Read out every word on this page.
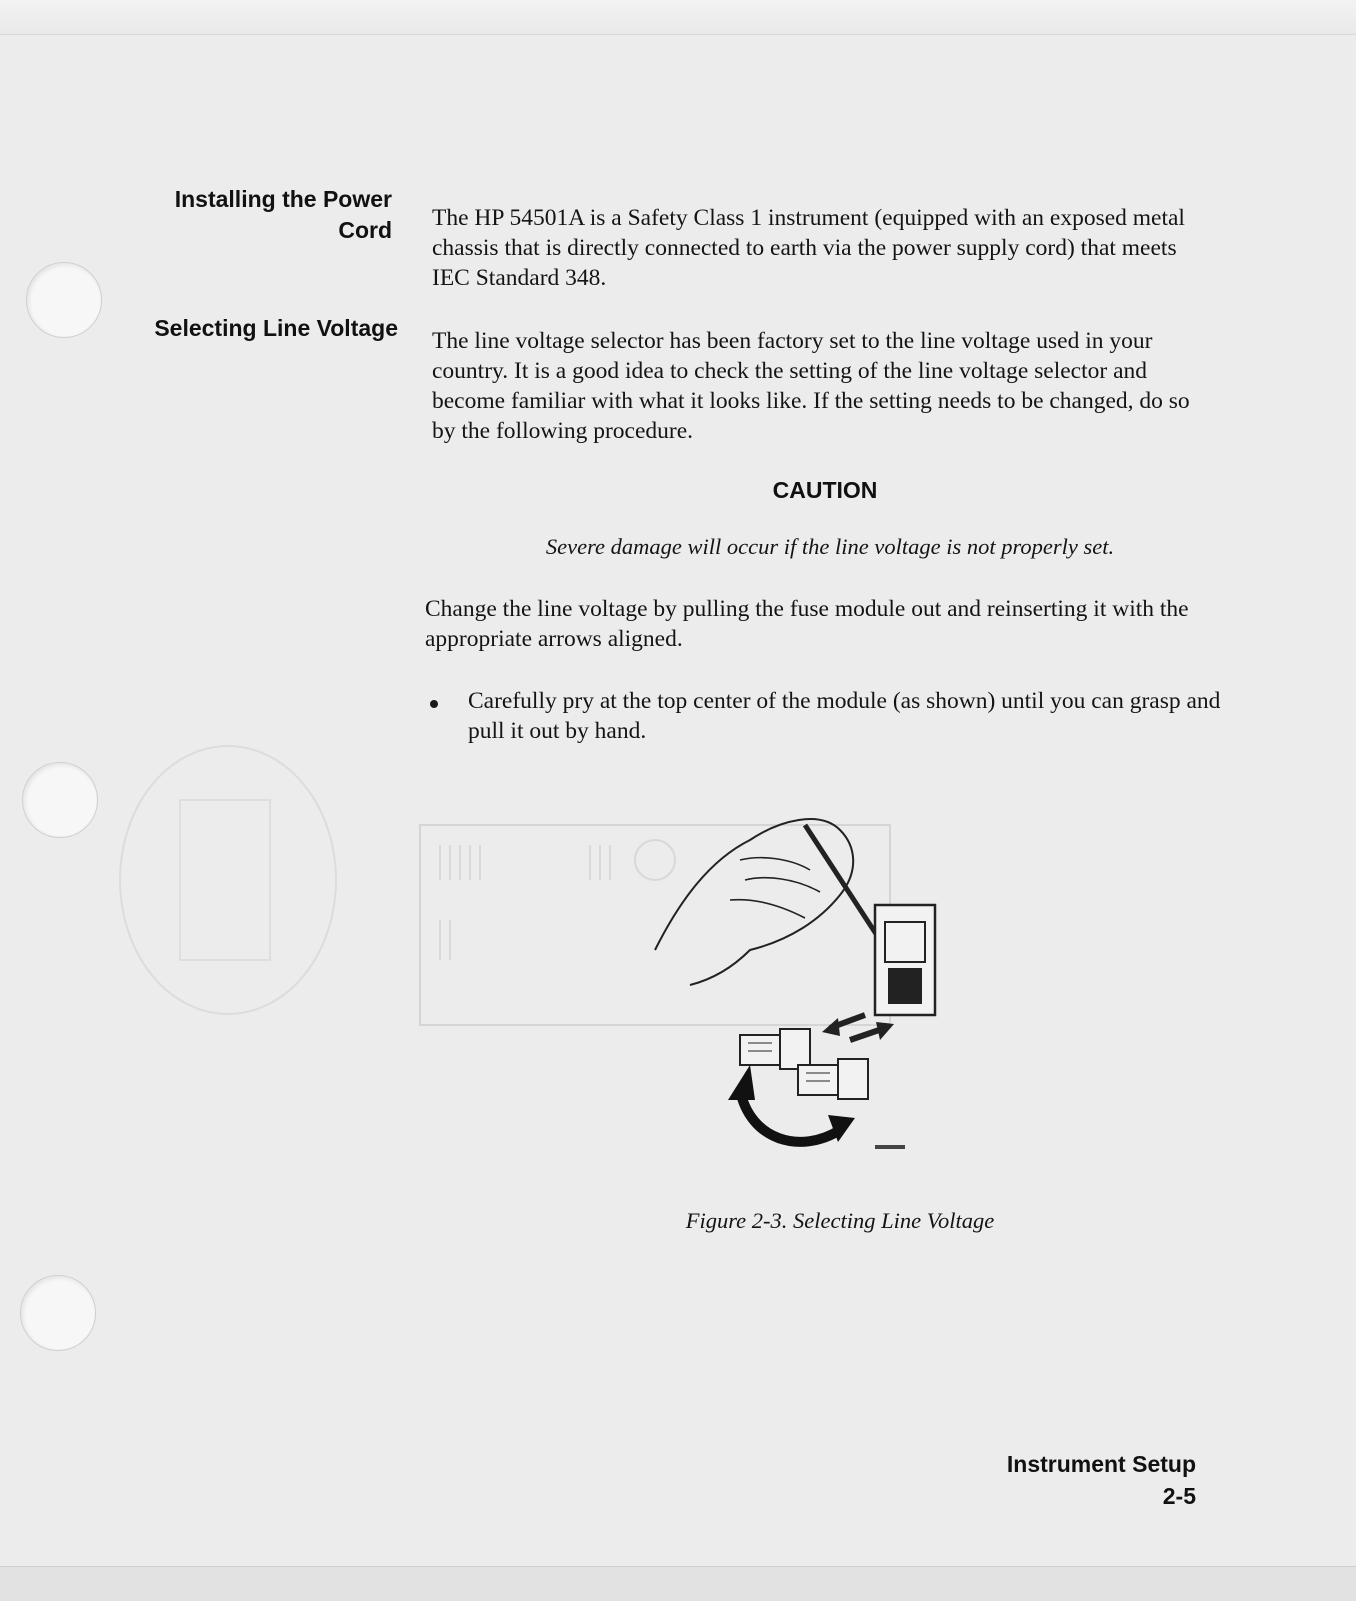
Installing the Power
Cord The HP 54501A is a Safety Class 1 instrument (equipped with an exposed metal chassis that is directly connected to earth via the power supply cord) that meets IEC Standard 348.
Selecting Line Voltage The line voltage selector has been factory set to the line voltage used in your country. It is a good idea to check the setting of the line voltage selector and become familiar with what it looks like. If the setting needs to be changed, do so by the following procedure.
CAUTION
Severe damage will occur if the line voltage is not properly set.
Change the line voltage by pulling the fuse module out and reinserting it with the appropriate arrows aligned.
Carefully pry at the top center of the module (as shown) until you can grasp and pull it out by hand.
Figure 2-3. Selecting Line Voltage

Instrument Setup
2-5
